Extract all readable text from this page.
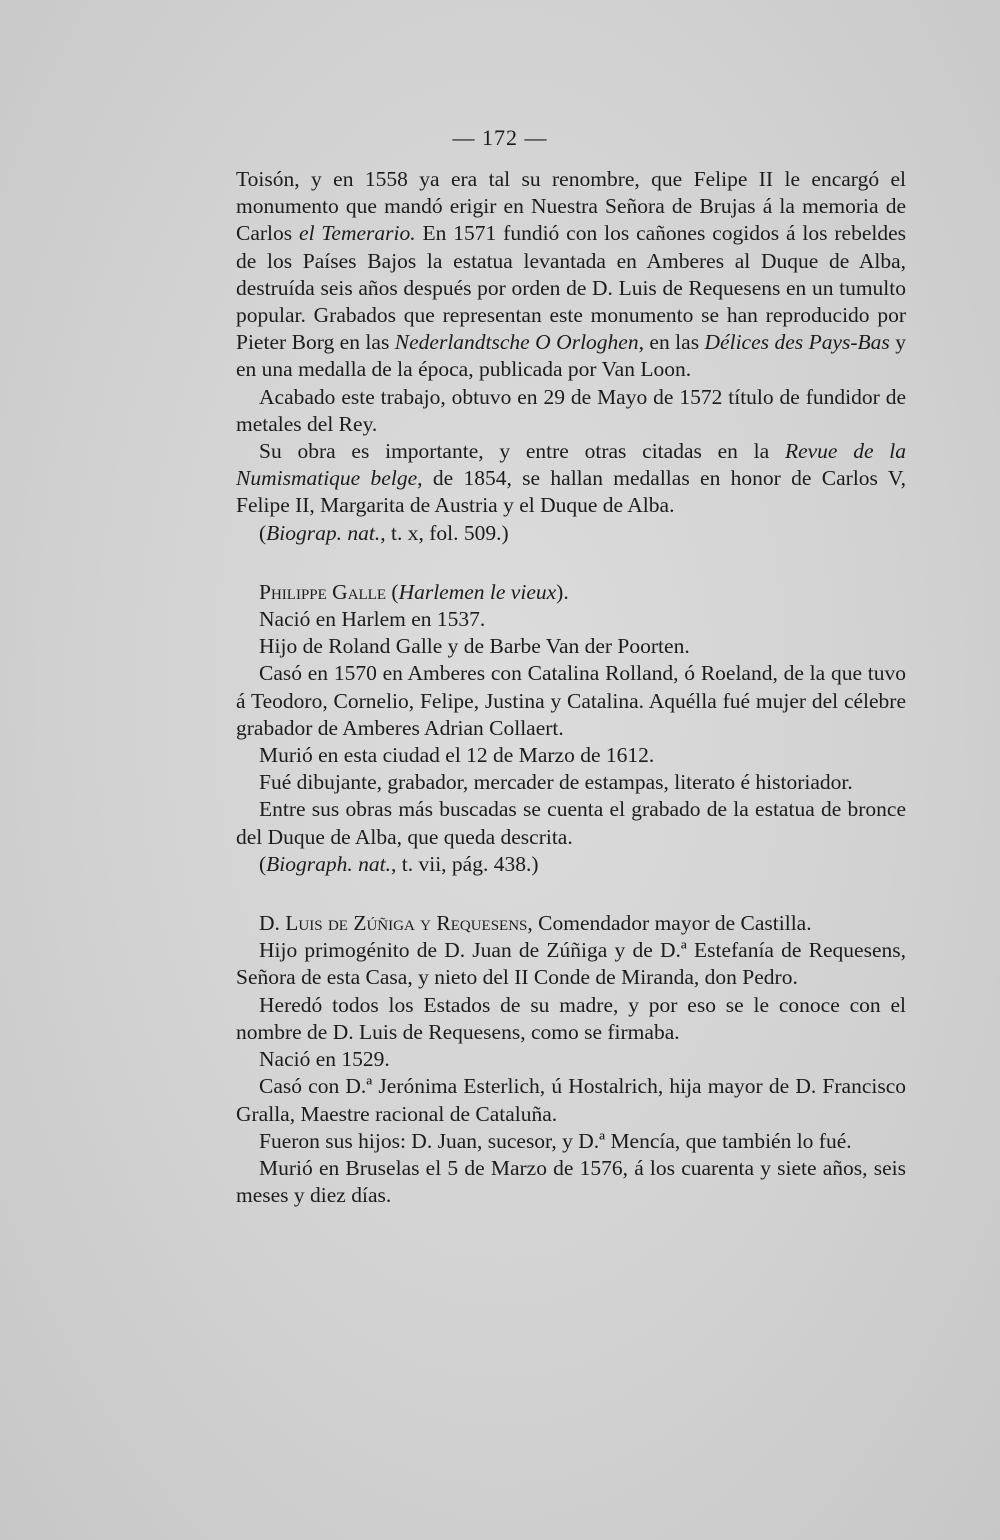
— 172 —

Toisón, y en 1558 ya era tal su renombre, que Felipe II le encargó el monumento que mandó erigir en Nuestra Señora de Brujas á la memoria de Carlos el Temerario. En 1571 fundió con los cañones cogidos á los rebeldes de los Países Bajos la estatua levantada en Amberes al Duque de Alba, destruída seis años después por orden de D. Luis de Requesens en un tumulto popular. Grabados que representan este monumento se han reproducido por Pieter Borg en las Nederlandtsche O Orloghen, en las Délices des Pays-Bas y en una medalla de la época, publicada por Van Loon.

Acabado este trabajo, obtuvo en 29 de Mayo de 1572 título de fundidor de metales del Rey.

Su obra es importante, y entre otras citadas en la Revue de la Numismatique belge, de 1854, se hallan medallas en honor de Carlos V, Felipe II, Margarita de Austria y el Duque de Alba.

(Biograp. nat., t. x, fol. 509.)

Philippe Galle (Harlemen le vieux).

Nació en Harlem en 1537.

Hijo de Roland Galle y de Barbe Van der Poorten.

Casó en 1570 en Amberes con Catalina Rolland, ó Roeland, de la que tuvo á Teodoro, Cornelio, Felipe, Justina y Catalina. Aquélla fué mujer del célebre grabador de Amberes Adrian Collaert.

Murió en esta ciudad el 12 de Marzo de 1612.

Fué dibujante, grabador, mercader de estampas, literato é historiador.

Entre sus obras más buscadas se cuenta el grabado de la estatua de bronce del Duque de Alba, que queda descrita.

(Biograph. nat., t. vii, pág. 438.)

D. Luis de Zúñiga y Requesens, Comendador mayor de Castilla.

Hijo primogénito de D. Juan de Zúñiga y de D.ª Estefanía de Requesens, Señora de esta Casa, y nieto del II Conde de Miranda, don Pedro.

Heredó todos los Estados de su madre, y por eso se le conoce con el nombre de D. Luis de Requesens, como se firmaba.

Nació en 1529.

Casó con D.ª Jerónima Esterlich, ú Hostalrich, hija mayor de D. Francisco Gralla, Maestre racional de Cataluña.

Fueron sus hijos: D. Juan, sucesor, y D.ª Mencía, que también lo fué.

Murió en Bruselas el 5 de Marzo de 1576, á los cuarenta y siete años, seis meses y diez días.
